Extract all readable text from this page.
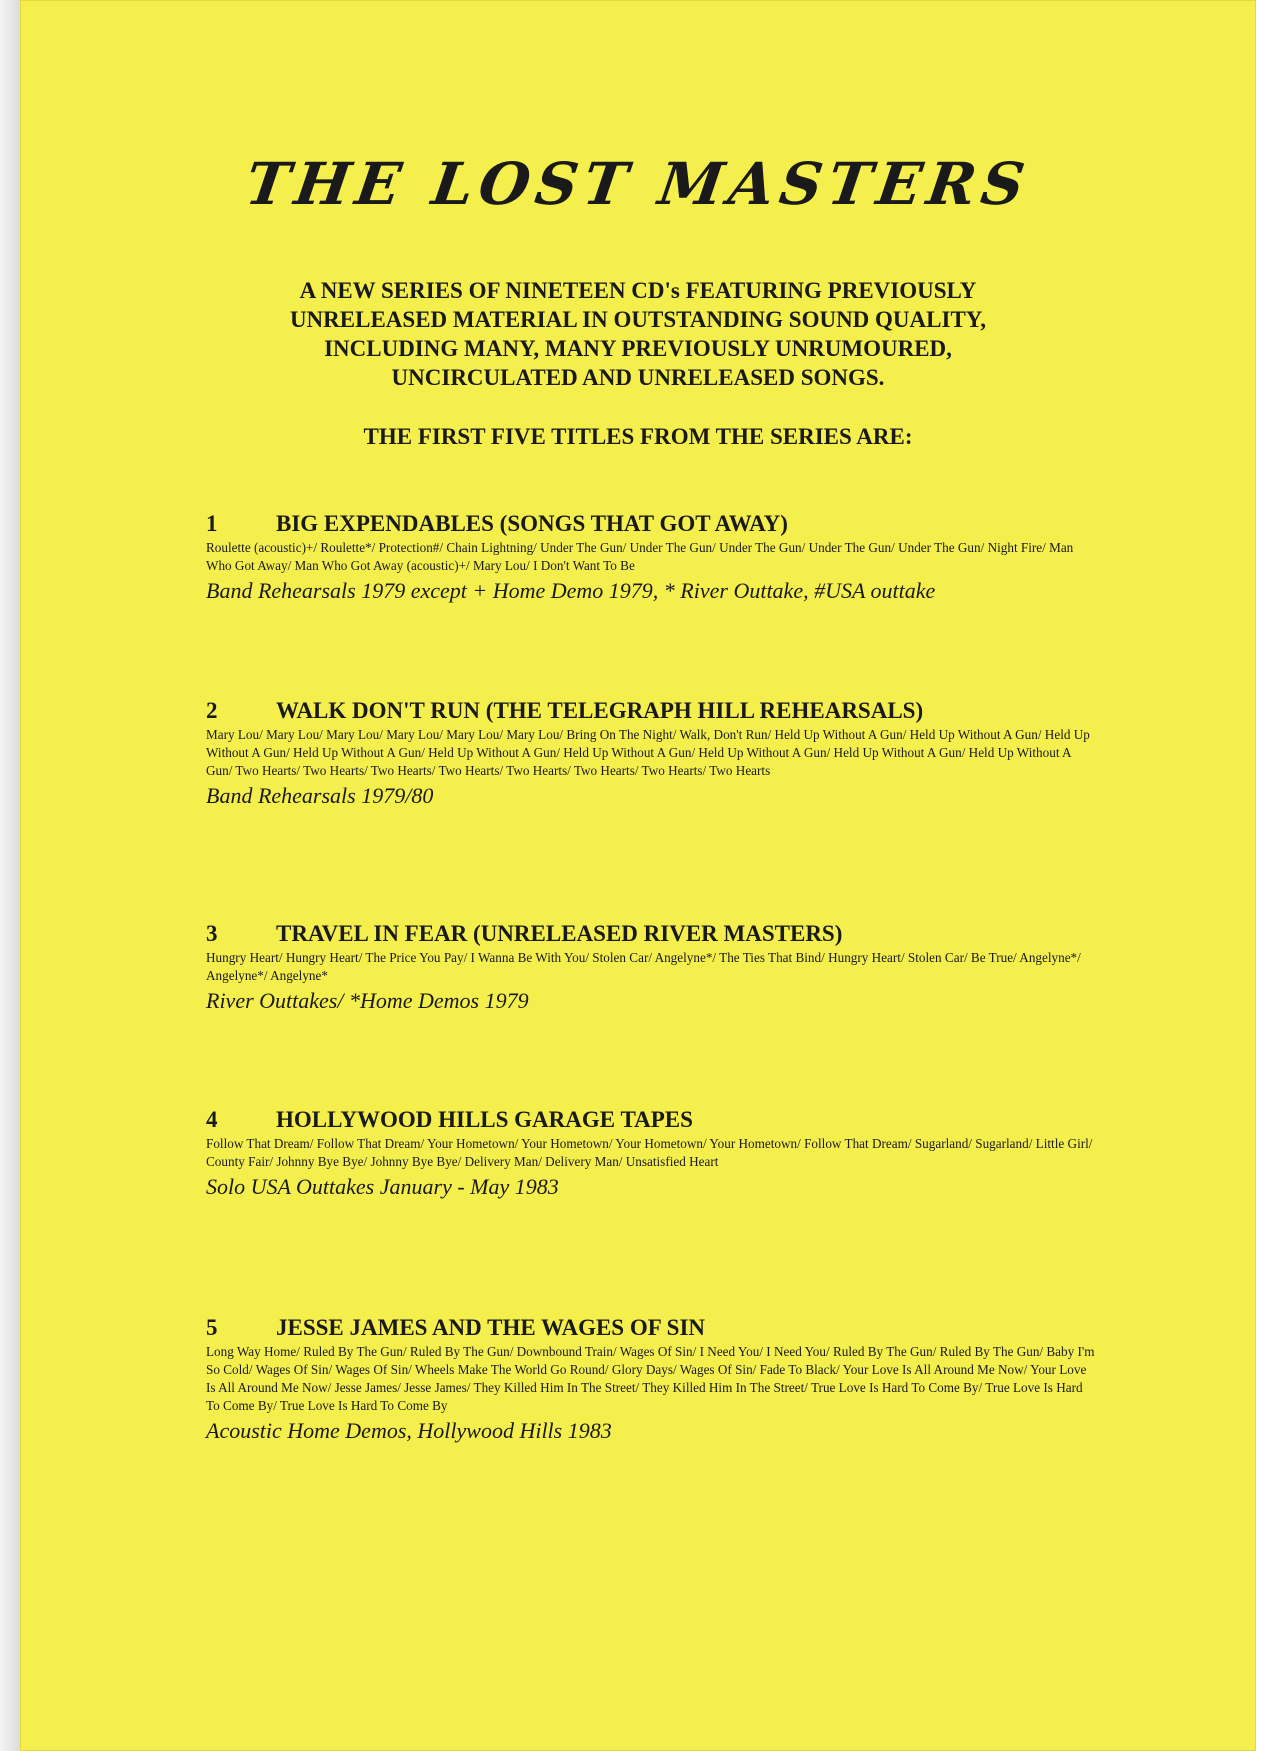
THE LOST MASTERS
A NEW SERIES OF NINETEEN CD's FEATURING PREVIOUSLY
UNRELEASED MATERIAL IN OUTSTANDING SOUND QUALITY,
INCLUDING MANY, MANY PREVIOUSLY UNRUMOURED,
UNCIRCULATED AND UNRELEASED SONGS.
THE FIRST FIVE TITLES FROM THE SERIES ARE:
1	BIG EXPENDABLES (SONGS THAT GOT AWAY)
Roulette (acoustic)+/ Roulette*/ Protection#/ Chain Lightning/ Under The Gun/ Under The Gun/ Under The Gun/ Under The Gun/ Under The Gun/ Night Fire/ Man Who Got Away/ Man Who Got Away (acoustic)+/ Mary Lou/ I Don't Want To Be
Band Rehearsals 1979 except + Home Demo 1979, * River Outtake, #USA outtake
2	WALK DON'T RUN (THE TELEGRAPH HILL REHEARSALS)
Mary Lou/ Mary Lou/ Mary Lou/ Mary Lou/ Mary Lou/ Mary Lou/ Bring On The Night/ Walk, Don't Run/ Held Up Without A Gun/ Held Up Without A Gun/ Held Up Without A Gun/ Held Up Without A Gun/ Held Up Without A Gun/ Held Up Without A Gun/ Held Up Without A Gun/ Held Up Without A Gun/ Held Up Without A Gun/ Two Hearts/ Two Hearts/ Two Hearts/ Two Hearts/ Two Hearts/ Two Hearts/ Two Hearts/ Two Hearts
Band Rehearsals 1979/80
3	TRAVEL IN FEAR (UNRELEASED RIVER MASTERS)
Hungry Heart/ Hungry Heart/ The Price You Pay/ I Wanna Be With You/ Stolen Car/ Angelyne*/ The Ties That Bind/ Hungry Heart/ Stolen Car/ Be True/ Angelyne*/ Angelyne*/ Angelyne*
River Outtakes/ *Home Demos 1979
4	HOLLYWOOD HILLS GARAGE TAPES
Follow That Dream/ Follow That Dream/ Your Hometown/ Your Hometown/ Your Hometown/ Your Hometown/ Follow That Dream/ Sugarland/ Sugarland/ Little Girl/ County Fair/ Johnny Bye Bye/ Johnny Bye Bye/ Delivery Man/ Delivery Man/ Unsatisfied Heart
Solo USA Outtakes January - May 1983
5	JESSE JAMES AND THE WAGES OF SIN
Long Way Home/ Ruled By The Gun/ Ruled By The Gun/ Downbound Train/ Wages Of Sin/ I Need You/ I Need You/ Ruled By The Gun/ Ruled By The Gun/ Baby I'm So Cold/ Wages Of Sin/ Wages Of Sin/ Wheels Make The World Go Round/ Glory Days/ Wages Of Sin/ Fade To Black/ Your Love Is All Around Me Now/ Your Love Is All Around Me Now/ Jesse James/ Jesse James/ They Killed Him In The Street/ They Killed Him In The Street/ True Love Is Hard To Come By/ True Love Is Hard To Come By/ True Love Is Hard To Come By
Acoustic Home Demos, Hollywood Hills 1983
